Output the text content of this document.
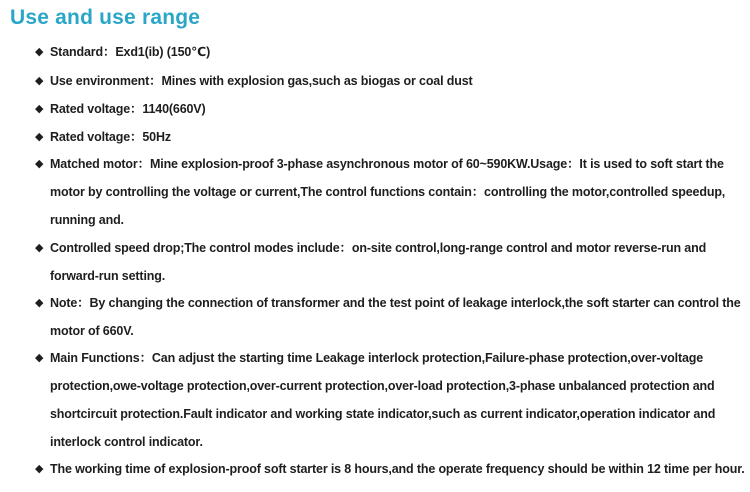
Use and use range
◆ Standard：Exd1(ib) (150℃)
◆ Use environment：Mines with explosion gas,such as biogas or coal dust
◆ Rated voltage：1140(660V)
◆ Rated voltage：50Hz
◆ Matched motor：Mine explosion-proof 3-phase asynchronous motor of 60~590KW.Usage：It is used to soft start the
motor by controlling the voltage or current,The control functions contain：controlling the motor,controlled speedup,
running and.
◆ Controlled speed drop;The control modes include：on-site control,long-range control and motor reverse-run and
forward-run setting.
◆ Note：By changing the connection of transformer and the test point of leakage interlock,the soft starter can control the
motor of 660V.
◆ Main Functions：Can adjust the starting time Leakage interlock protection,Failure-phase protection,over-voltage
protection,owe-voltage protection,over-current protection,over-load protection,3-phase unbalanced protection and
shortcircuit protection.Fault indicator and working state indicator,such as current indicator,operation indicator and
interlock control indicator.
◆ The working time of explosion-proof soft starter is 8 hours,and the operate frequency should be within 12 time per hour.
